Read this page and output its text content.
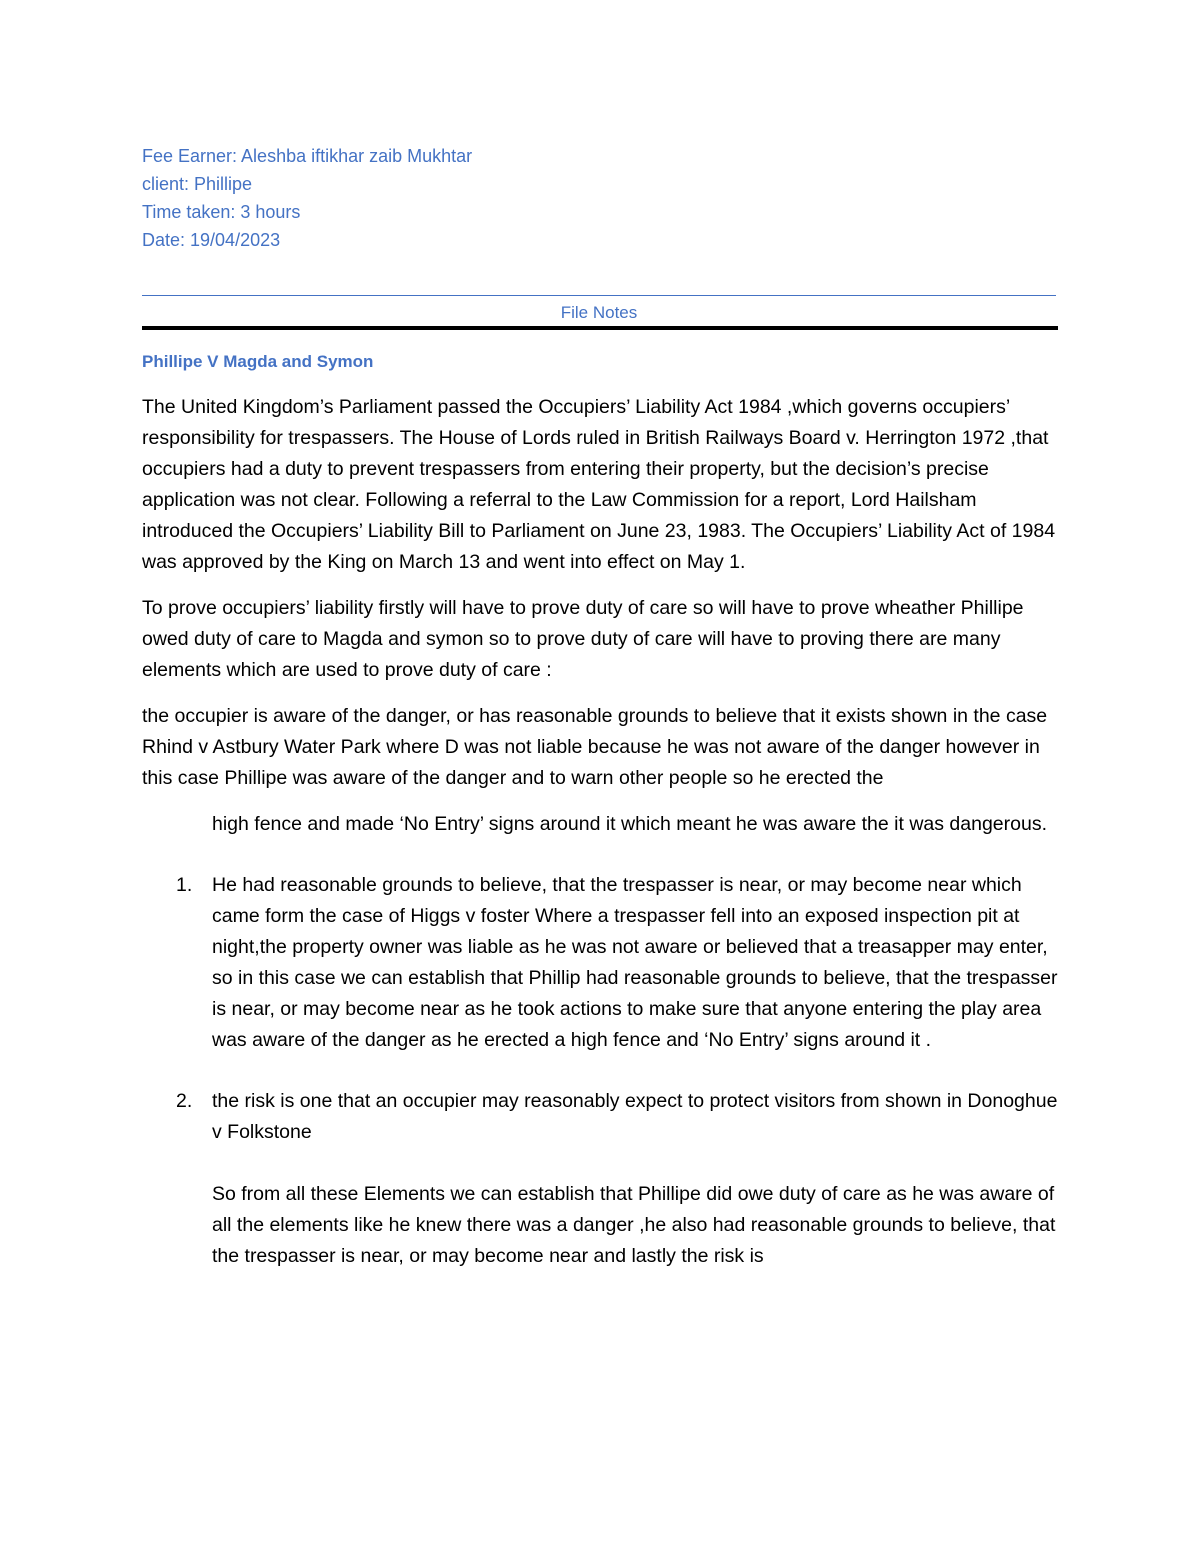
Fee Earner: Aleshba iftikhar zaib Mukhtar
client: Phillipe
Time taken: 3 hours
Date: 19/04/2023
File Notes
Phillipe V Magda and Symon

The United Kingdom’s Parliament passed the Occupiers’ Liability Act 1984 ,which governs occupiers’ responsibility for trespassers. The House of Lords ruled in British Railways Board v. Herrington 1972 ,that occupiers had a duty to prevent trespassers from entering their property, but the decision’s precise application was not clear. Following a referral to the Law Commission for a report, Lord Hailsham introduced the Occupiers’ Liability Bill to Parliament on June 23, 1983. The Occupiers’ Liability Act of 1984 was approved by the King on March 13 and went into effect on May 1.

To prove occupiers’ liability firstly will have to prove duty of care so will have to prove wheather Phillipe owed duty of care to Magda and symon so to prove duty of care will have to proving there are many elements which are used to prove duty of care :

the occupier is aware of the danger, or has reasonable grounds to believe that it exists shown in the case Rhind v Astbury Water Park where D was not liable because he was not aware of the danger however in this case Phillipe was aware of the danger and to warn other people so he erected the

high fence and made ‘No Entry’ signs around it which meant he was aware the it was dangerous.

1. He had reasonable grounds to believe, that the trespasser is near, or may become near which came form the case of Higgs v foster Where a trespasser fell into an exposed inspection pit at night,the property owner was liable as he was not aware or believed that a treasapper may enter, so in this case we can establish that Phillip had reasonable grounds to believe, that the trespasser is near, or may become near as he took actions to make sure that anyone entering the play area was aware of the danger as he erected a high fence and ‘No Entry’ signs around it .
2. the risk is one that an occupier may reasonably expect to protect visitors from shown in Donoghue v Folkstone
So from all these Elements we can establish that Phillipe did owe duty of care as he was aware of all the elements like he knew there was a danger ,he also had reasonable grounds to believe, that the trespasser is near, or may become near and lastly the risk is
